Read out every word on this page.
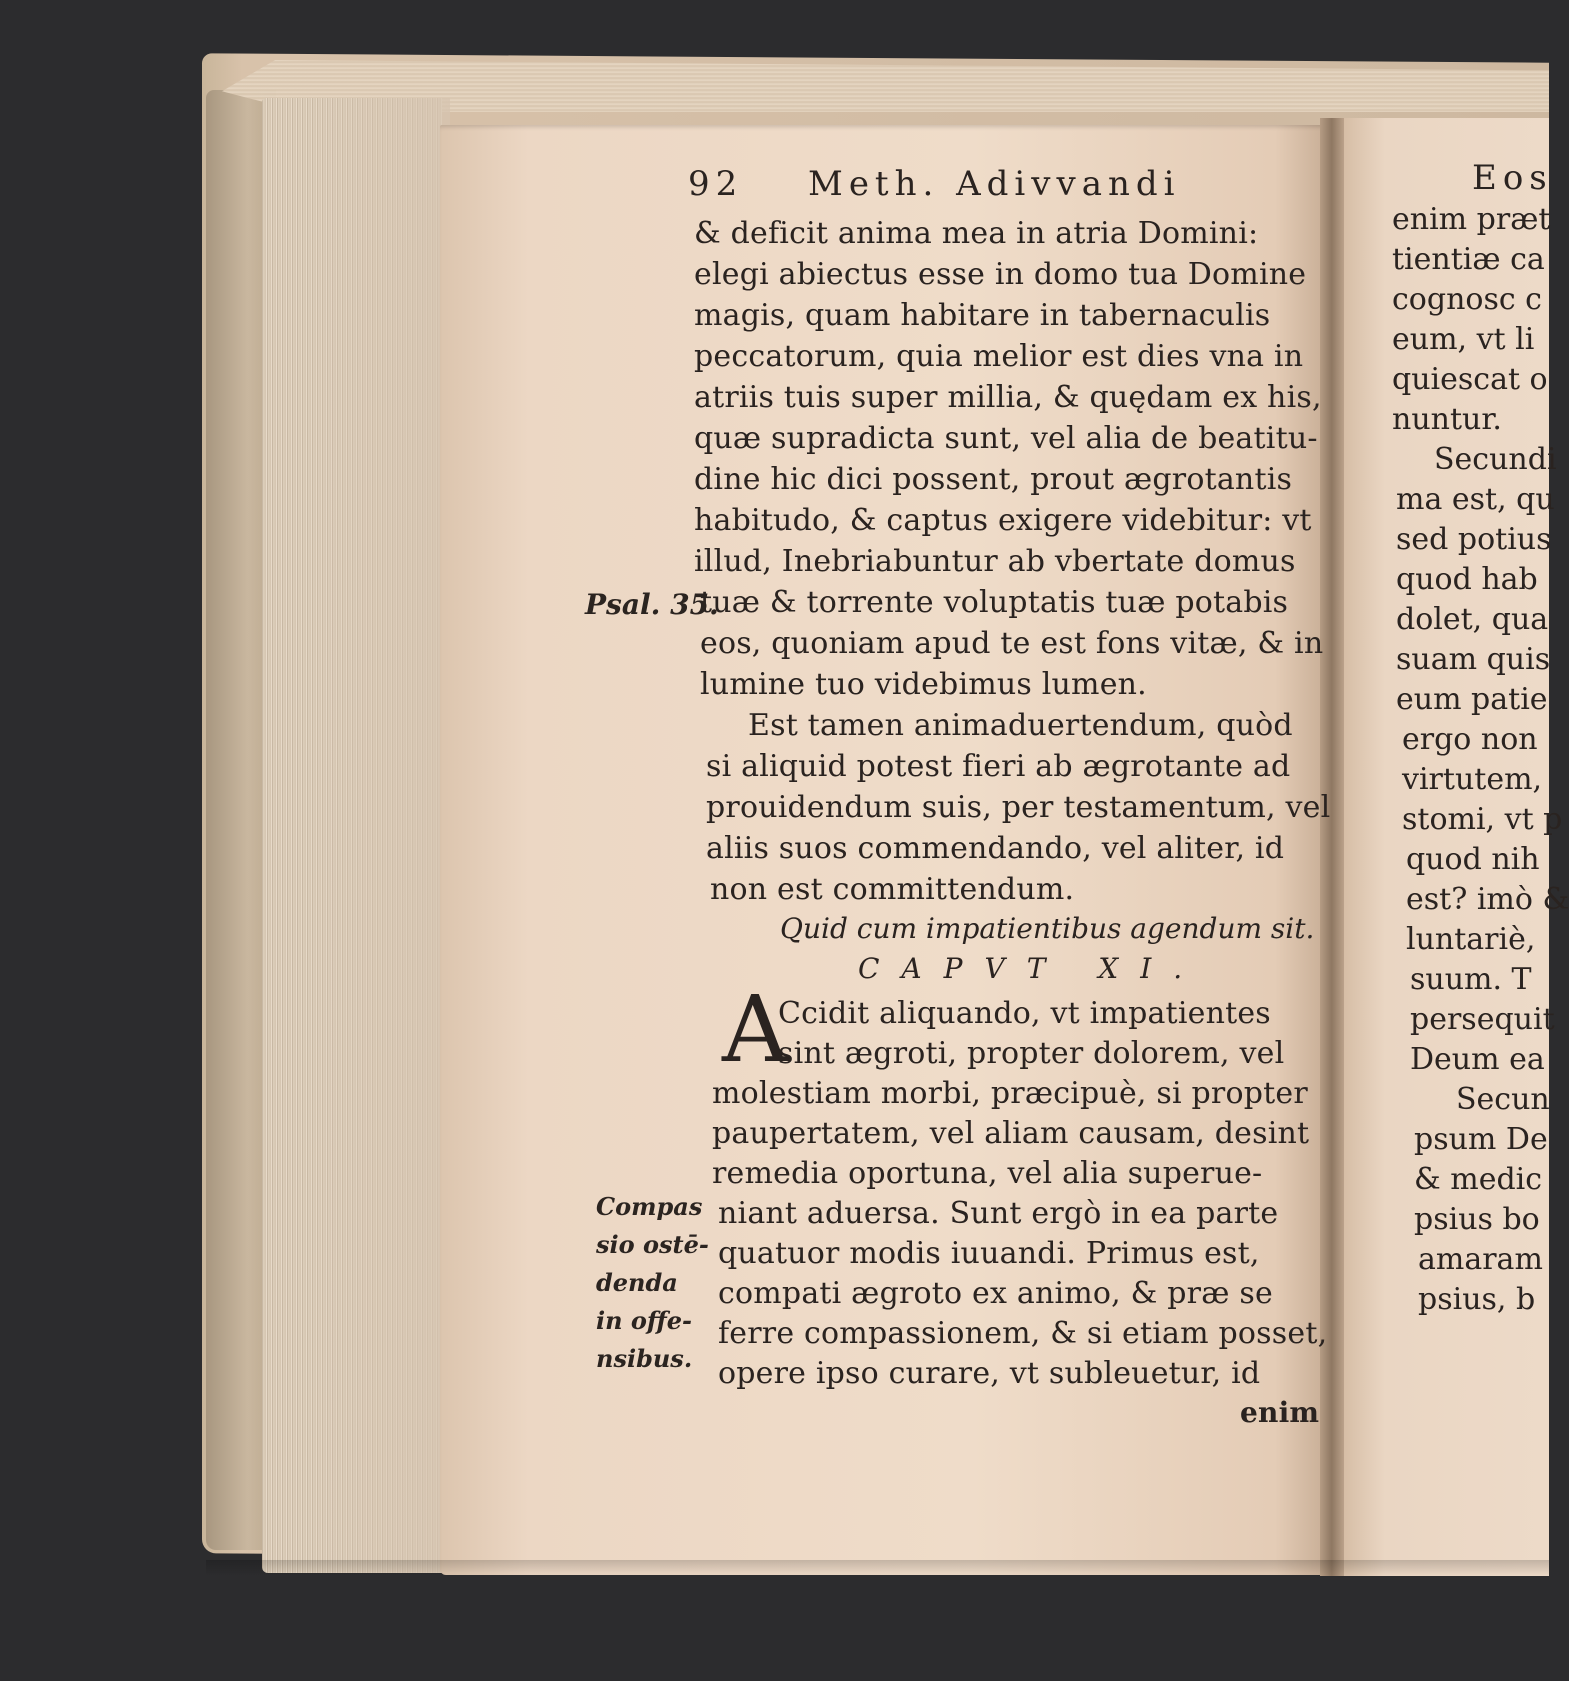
92 Meth. Adivvandi
& deficit anima mea in atria Domini:
elegi abiectus esse in domo tua Domine
magis, quam habitare in tabernaculis
peccatorum, quia melior est dies vna in
atriis tuis super millia, & quędam ex his,
quæ supradicta sunt, vel alia de beatitu-
dine hic dici possent, prout ægrotantis
habitudo, & captus exigere videbitur: vt
illud, Inebriabuntur ab vbertate domus
tuæ & torrente voluptatis tuæ potabis
eos, quoniam apud te est fons vitæ, & in
lumine tuo videbimus lumen.
Est tamen animaduertendum, quòd
si aliquid potest fieri ab ægrotante ad
prouidendum suis, per testamentum, vel
aliis suos commendando, vel aliter, id
non est committendum.
Psal. 35.
Quid cum impatientibus agendum sit.
CAPVT XI.
A
Ccidit aliquando, vt impatientes
sint ægroti, propter dolorem, vel
molestiam morbi, præcipuè, si propter
paupertatem, vel aliam causam, desint
remedia oportuna, vel alia superue-
niant aduersa. Sunt ergò in ea parte
quatuor modis iuuandi. Primus est,
compati ægroto ex animo, & præ se
ferre compassionem, & si etiam posset,
opere ipso curare, vt subleuetur, id
Compas
sio ostē-
denda
in offe-
nsibus.
enim
Eos
enim præt
tientiæ ca
cognosc c
eum, vt li
quiescat o
nuntur.
Secundi
ma est, qu
sed potius
quod hab
dolet, qua
suam quis
eum patie
ergo non
virtutem,
stomi, vt p
quod nih
est? imò &
luntariè,
suum. T
persequit
Deum ea
Secun
psum De
& medic
psius bo
amaram
psius, b
